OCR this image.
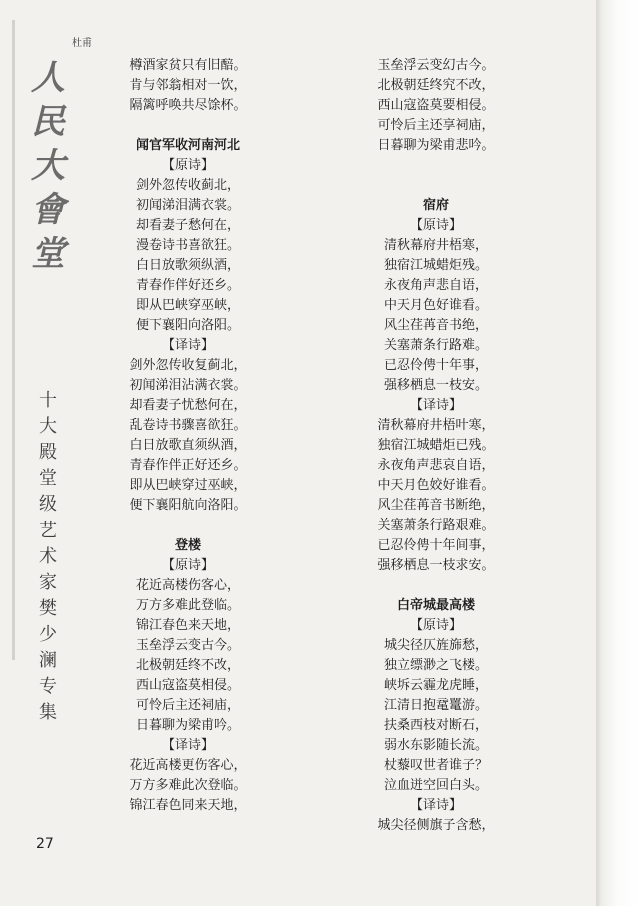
杜甫
人
民
大
會
堂
十
大
殿
堂
级
艺
术
家
樊
少
澜
专
集
樽酒家贫只有旧醅。
肯与邻翁相对一饮，
隔篱呼唤共尽馀杯。
闻官军收河南河北
【原诗】
剑外忽传收蓟北，
初闻涕泪满衣裳。
却看妻子愁何在，
漫卷诗书喜欲狂。
白日放歌须纵酒，
青春作伴好还乡。
即从巴峡穿巫峡，
便下襄阳向洛阳。
【译诗】
剑外忽传收复蓟北，
初闻涕泪沾满衣裳。
却看妻子忧愁何在，
乱卷诗书骤喜欲狂。
白日放歌直须纵酒，
青春作伴正好还乡。
即从巴峡穿过巫峡，
便下襄阳航向洛阳。
登楼
【原诗】
花近高楼伤客心，
万方多难此登临。
锦江春色来天地，
玉垒浮云变古今。
北极朝廷终不改，
西山寇盗莫相侵。
可怜后主还祠庙，
日暮聊为梁甫吟。
【译诗】
花近高楼更伤客心，
万方多难此次登临。
锦江春色同来天地，
玉垒浮云变幻古今。
北极朝廷终究不改，
西山寇盗莫要相侵。
可怜后主还享祠庙，
日暮聊为梁甫悲吟。
宿府
【原诗】
清秋幕府井梧寒，
独宿江城蜡炬残。
永夜角声悲自语，
中天月色好谁看。
风尘荏苒音书绝，
关塞萧条行路难。
已忍伶俜十年事，
强移栖息一枝安。
【译诗】
清秋幕府井梧叶寒，
独宿江城蜡炬已残。
永夜角声悲哀自语，
中天月色姣好谁看。
风尘荏苒音书断绝，
关塞萧条行路艰难。
已忍伶俜十年间事，
强移栖息一枝求安。
白帝城最高楼
【原诗】
城尖径仄旌旆愁，
独立缥渺之飞楼。
峡坼云霾龙虎睡，
江清日抱鼋鼍游。
扶桑西枝对断石，
弱水东影随长流。
杖藜叹世者谁子？
泣血迸空回白头。
【译诗】
城尖径侧旗子含愁，
27
